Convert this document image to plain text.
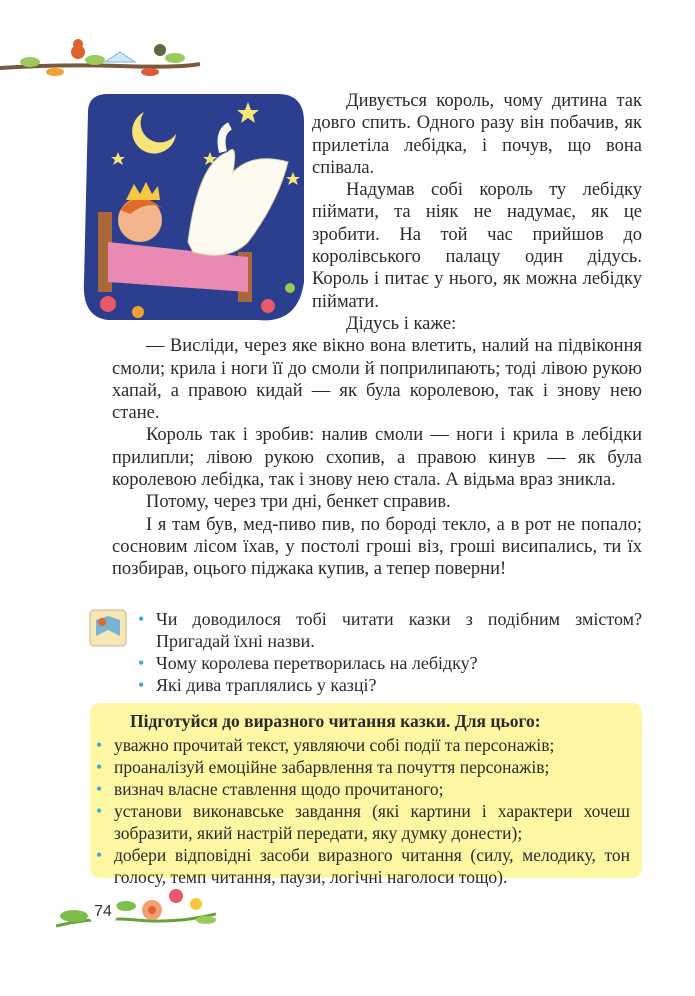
Дивується король, чому дитина так довго спить. Одного разу він побачив, як прилетіла лебідка, і почув, що вона співала.

Надумав собі король ту лебідку піймати, та ніяк не надумає, як це зробити. На той час прийшов до королівського палацу один дідусь. Король і питає у нього, як можна лебідку піймати.

Дідусь і каже:

— Висліди, через яке вікно вона влетить, налий на підвіконня смоли; крила і ноги її до смоли й поприлипають; тоді лівою рукою хапай, а правою кидай — як була королевою, так і знову нею стане.

Король так і зробив: налив смоли — ноги і крила в лебідки прилипли; лівою рукою схопив, а правою кинув — як була королевою лебідка, так і знову нею стала. А відьма враз зникла.

Потому, через три дні, бенкет справив.

І я там був, мед-пиво пив, по бороді текло, а в рот не попало; сосновим лісом їхав, у постолі гроші віз, гроші висипались, ти їх позбирав, оцього піджака купив, а тепер поверни!

• Чи доводилося тобі читати казки з подібним змістом? Пригадай їхні назви.
• Чому королева перетворилась на лебідку?
• Які дива траплялись у казці?

Підготуйся до виразного читання казки. Для цього:

• уважно прочитай текст, уявляючи собі події та персонажів;
• проаналізуй емоційне забарвлення та почуття персонажів;
• визнач власне ставлення щодо прочитаного;
• установи виконавське завдання (які картини і характери хочеш зобразити, який настрій передати, яку думку донести);
• добери відповідні засоби виразного читання (силу, мелодику, тон голосу, темп читання, паузи, логічні наголоси тощо).
74
